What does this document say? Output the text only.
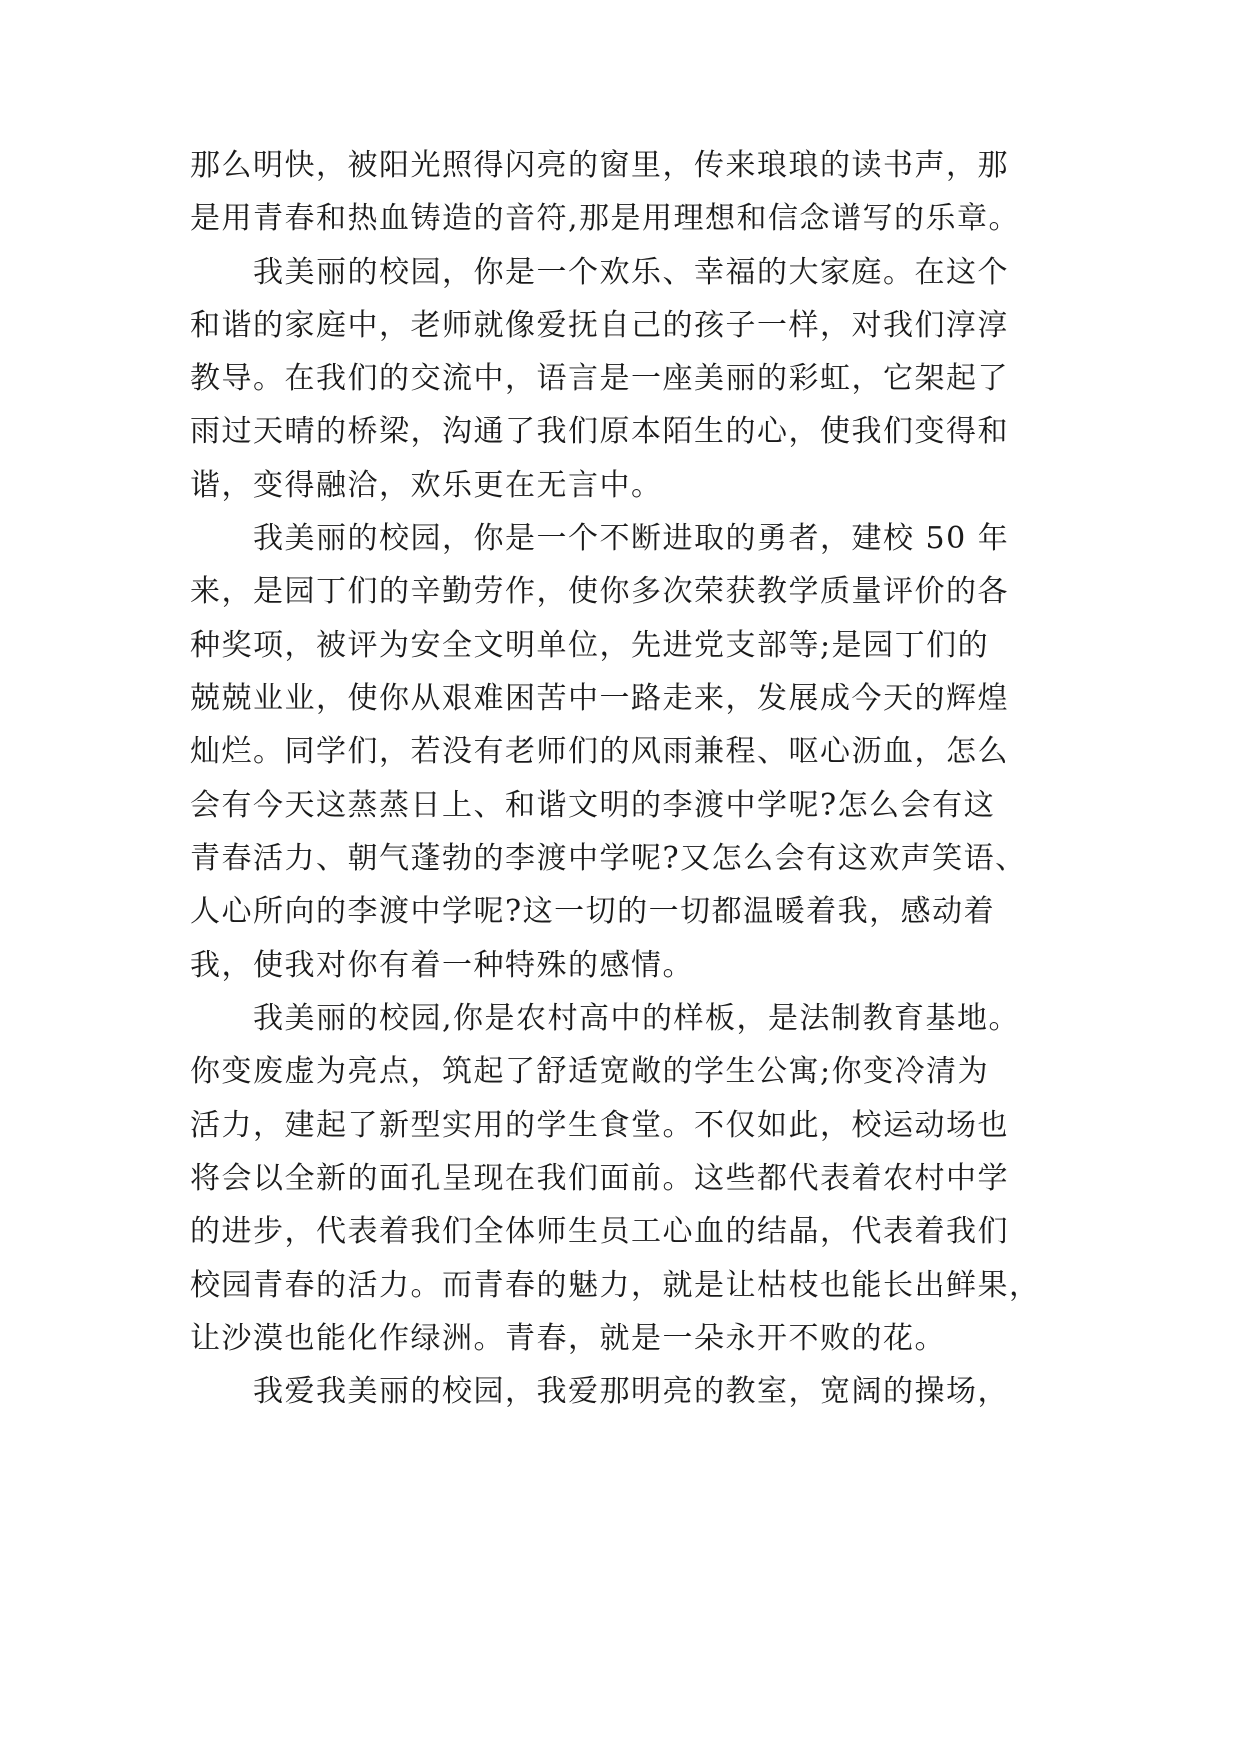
那么明快，被阳光照得闪亮的窗里，传来琅琅的读书声，那
是用青春和热血铸造的音符,那是用理想和信念谱写的乐章。
　　我美丽的校园，你是一个欢乐、幸福的大家庭。在这个
和谐的家庭中，老师就像爱抚自己的孩子一样，对我们淳淳
教导。在我们的交流中，语言是一座美丽的彩虹，它架起了
雨过天晴的桥梁，沟通了我们原本陌生的心，使我们变得和
谐，变得融洽，欢乐更在无言中。
　　我美丽的校园，你是一个不断进取的勇者，建校 50 年
来，是园丁们的辛勤劳作，使你多次荣获教学质量评价的各
种奖项，被评为安全文明单位，先进党支部等;是园丁们的
兢兢业业，使你从艰难困苦中一路走来，发展成今天的辉煌
灿烂。同学们，若没有老师们的风雨兼程、呕心沥血，怎么
会有今天这蒸蒸日上、和谐文明的李渡中学呢?怎么会有这
青春活力、朝气蓬勃的李渡中学呢?又怎么会有这欢声笑语、
人心所向的李渡中学呢?这一切的一切都温暖着我，感动着
我，使我对你有着一种特殊的感情。
　　我美丽的校园,你是农村高中的样板，是法制教育基地。
你变废虚为亮点，筑起了舒适宽敞的学生公寓;你变冷清为
活力，建起了新型实用的学生食堂。不仅如此，校运动场也
将会以全新的面孔呈现在我们面前。这些都代表着农村中学
的进步，代表着我们全体师生员工心血的结晶，代表着我们
校园青春的活力。而青春的魅力，就是让枯枝也能长出鲜果，
让沙漠也能化作绿洲。青春，就是一朵永开不败的花。
　　我爱我美丽的校园，我爱那明亮的教室，宽阔的操场，
